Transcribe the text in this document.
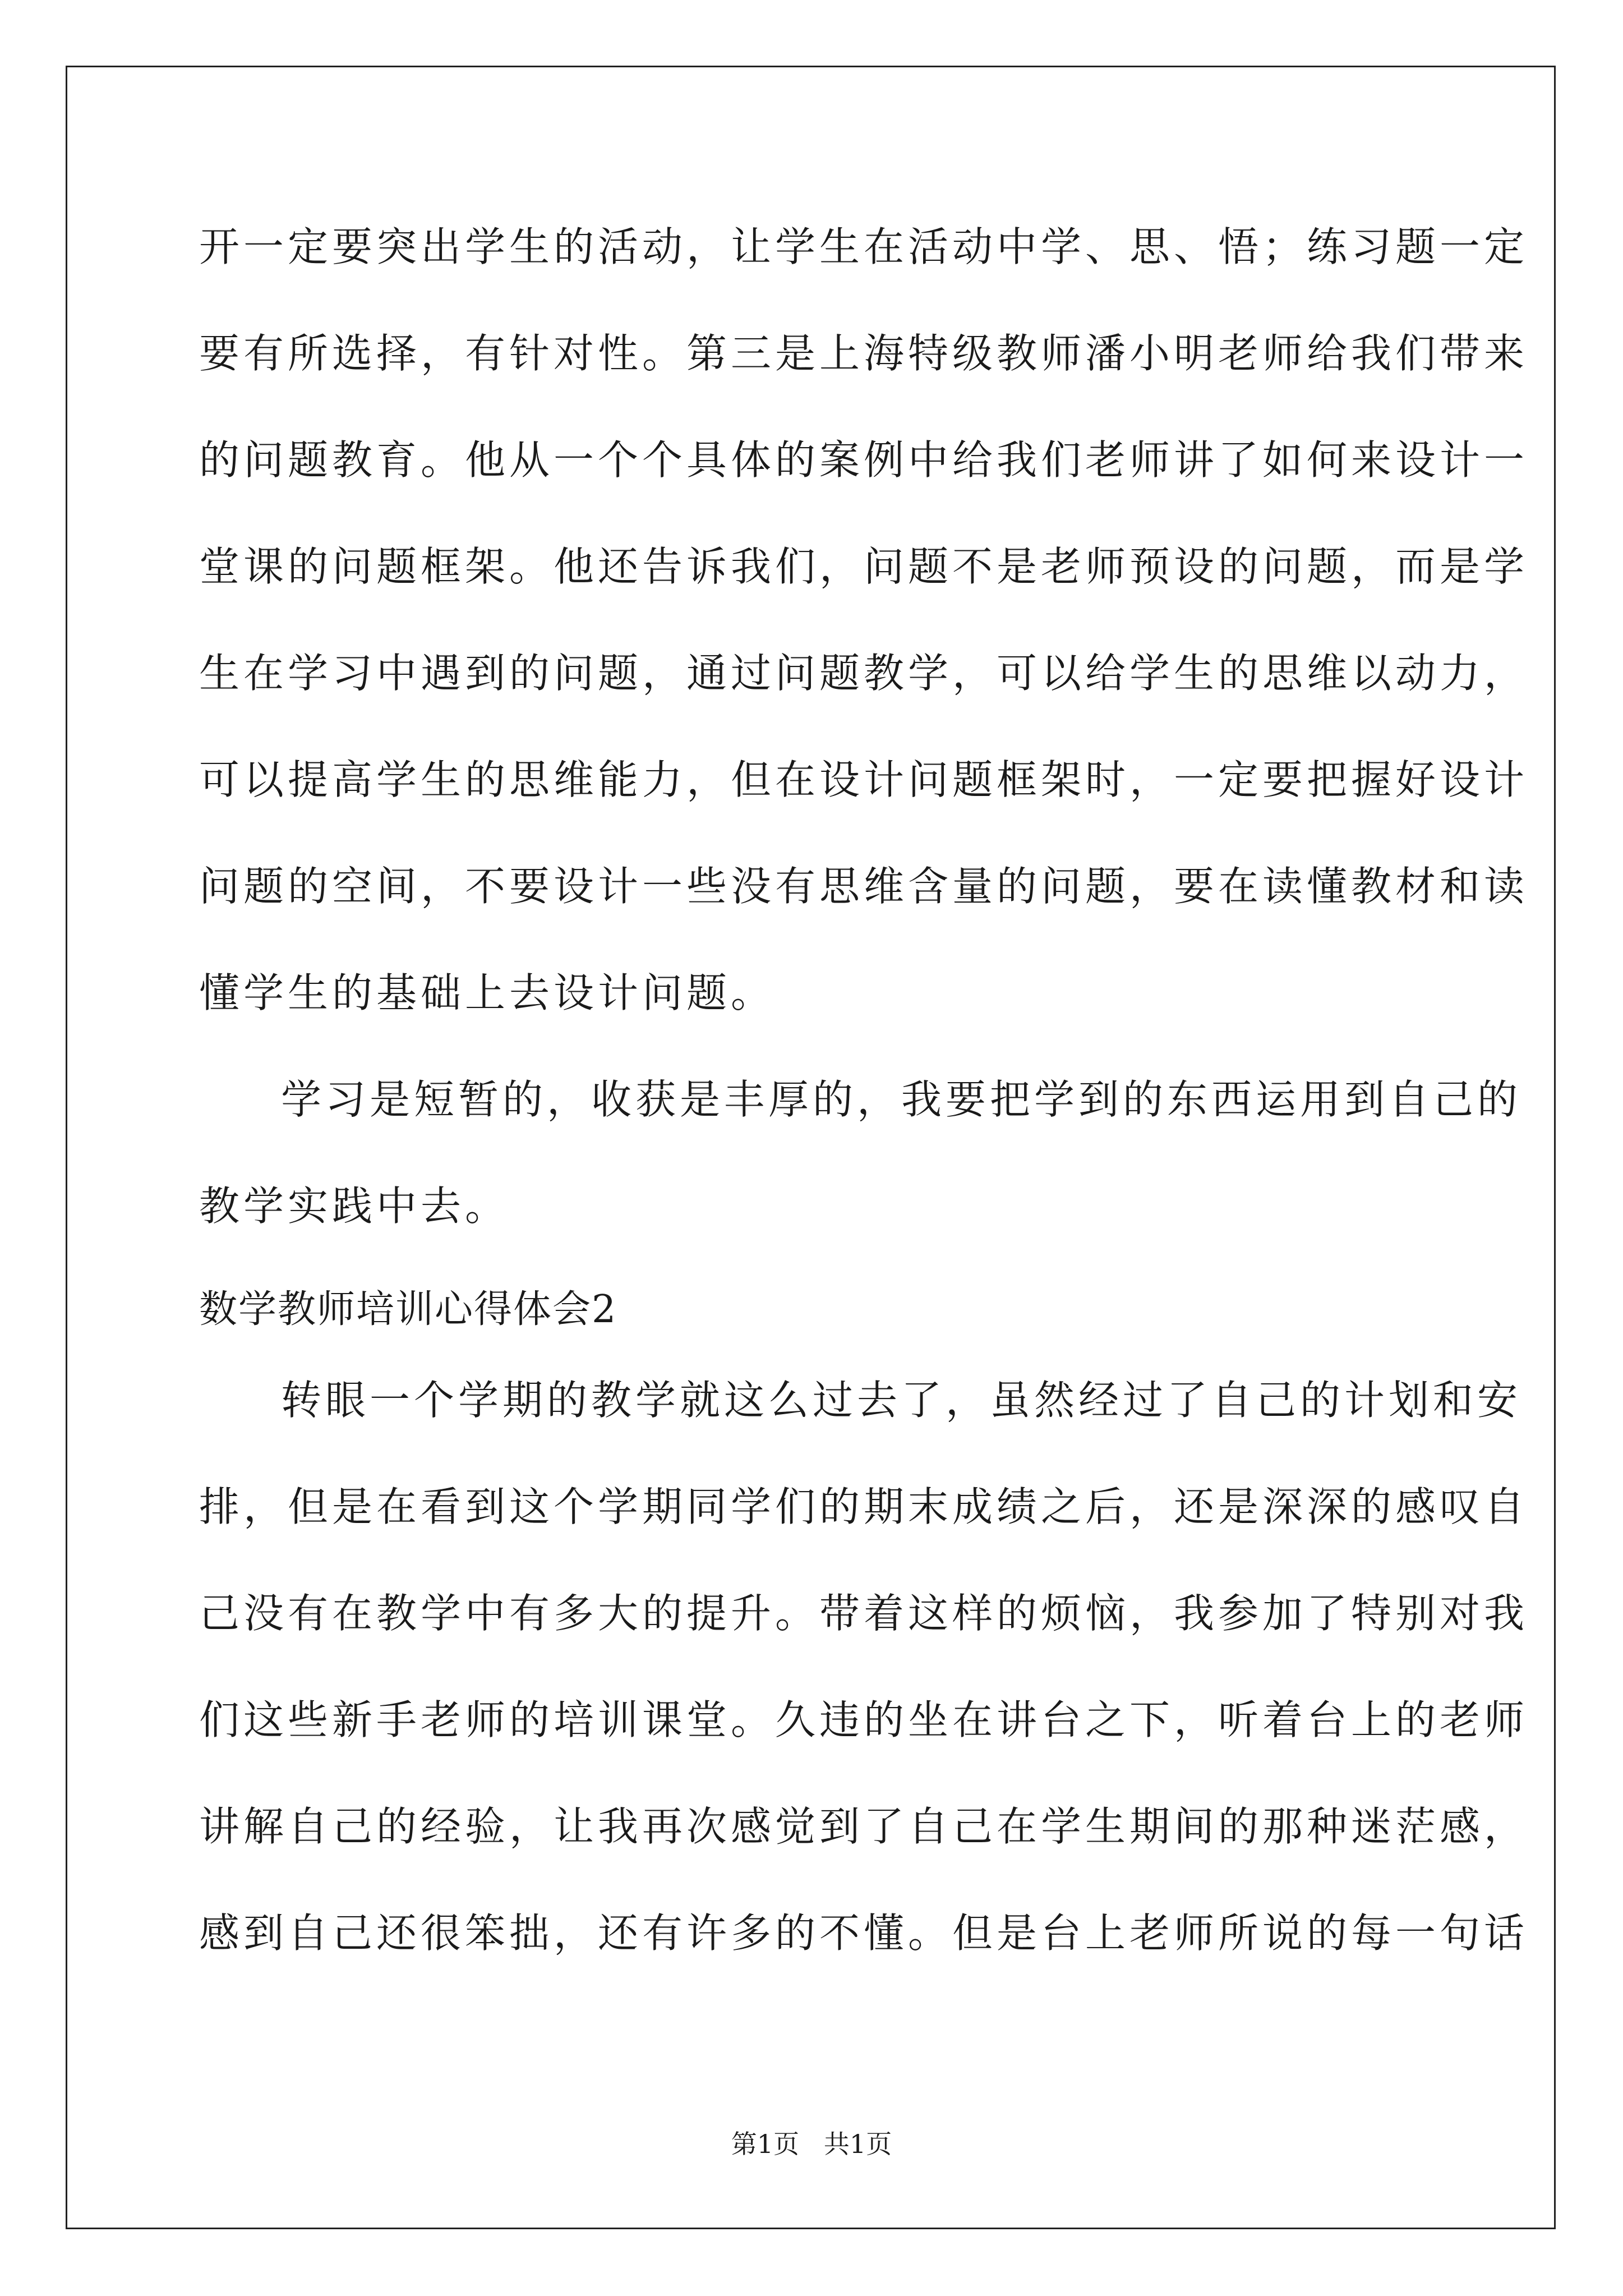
开一定要突出学生的活动，让学生在活动中学、思、悟；练习题一定
要有所选择，有针对性。第三是上海特级教师潘小明老师给我们带来
的问题教育。他从一个个具体的案例中给我们老师讲了如何来设计一
堂课的问题框架。他还告诉我们，问题不是老师预设的问题，而是学
生在学习中遇到的问题，通过问题教学，可以给学生的思维以动力，
可以提高学生的思维能力，但在设计问题框架时，一定要把握好设计
问题的空间，不要设计一些没有思维含量的问题，要在读懂教材和读
懂学生的基础上去设计问题。
学习是短暂的，收获是丰厚的，我要把学到的东西运用到自己的
教学实践中去。
数学教师培训心得体会2
转眼一个学期的教学就这么过去了，虽然经过了自己的计划和安
排，但是在看到这个学期同学们的期末成绩之后，还是深深的感叹自
己没有在教学中有多大的提升。带着这样的烦恼，我参加了特别对我
们这些新手老师的培训课堂。久违的坐在讲台之下，听着台上的老师
讲解自己的经验，让我再次感觉到了自己在学生期间的那种迷茫感，
感到自己还很笨拙，还有许多的不懂。但是台上老师所说的每一句话
第1页   共1页
